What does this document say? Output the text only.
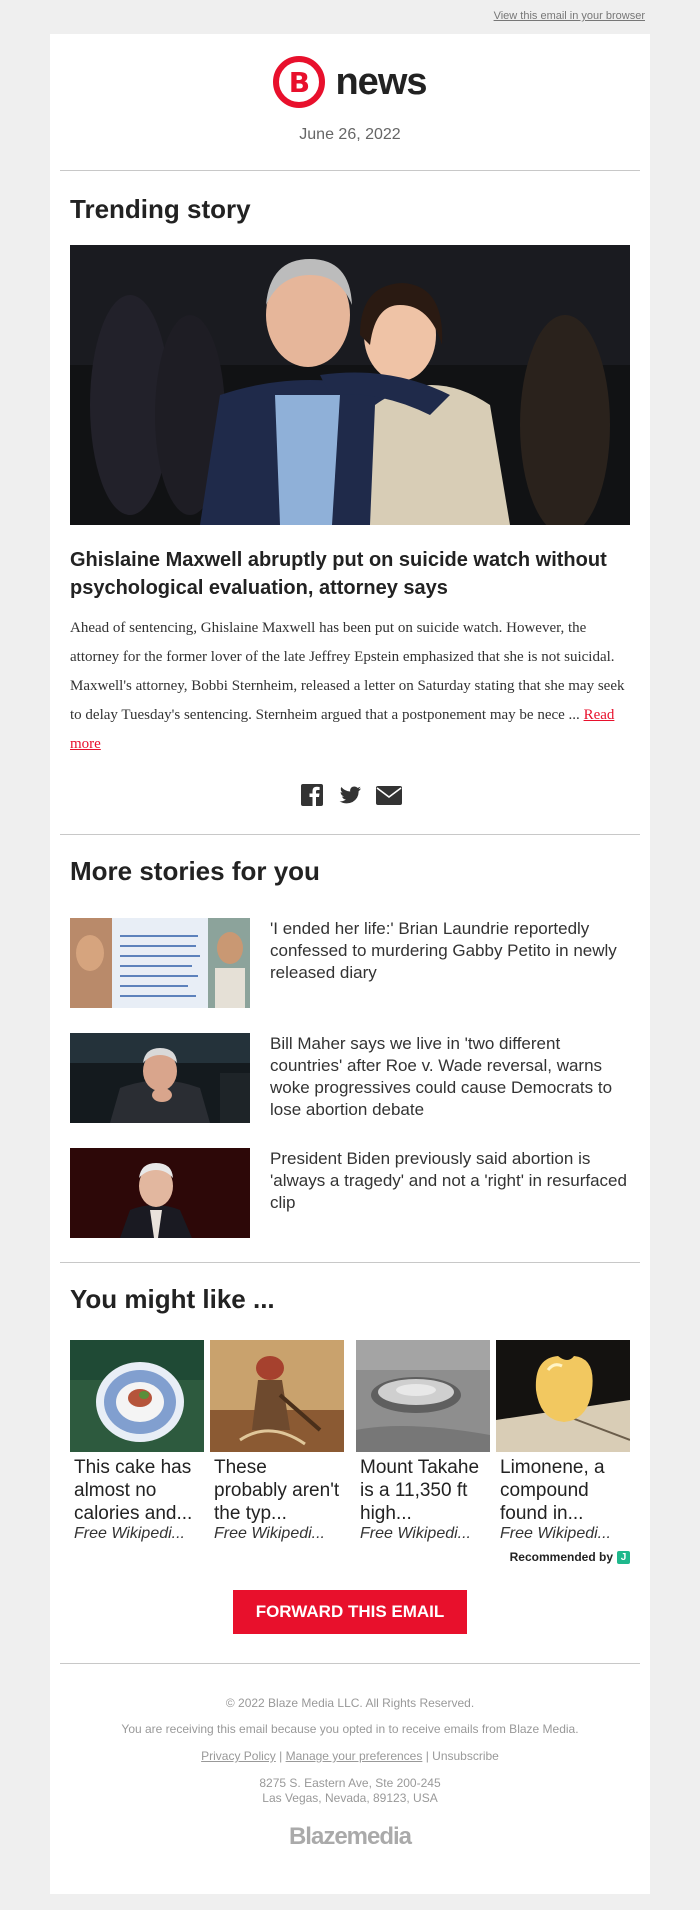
View this email in your browser
B news
June 26, 2022
Trending story
Ghislaine Maxwell abruptly put on suicide watch without psychological evaluation, attorney says
Ahead of sentencing, Ghislaine Maxwell has been put on suicide watch. However, the attorney for the former lover of the late Jeffrey Epstein emphasized that she is not suicidal. Maxwell's attorney, Bobbi Sternheim, released a letter on Saturday stating that she may seek to delay Tuesday's sentencing. Sternheim argued that a postponement may be nece ... Read more
More stories for you
'I ended her life:' Brian Laundrie reportedly confessed to murdering Gabby Petito in newly released diary
Bill Maher says we live in 'two different countries' after Roe v. Wade reversal, warns woke progressives could cause Democrats to lose abortion debate
President Biden previously said abortion is 'always a tragedy' and not a 'right' in resurfaced clip
You might like ...
This cake has almost no calories and...
Free Wikipedi...
These probably aren't the typ...
Free Wikipedi...
Mount Takahe is a 11,350 ft high...
Free Wikipedi...
Limonene, a compound found in...
Free Wikipedi...
Recommended by J
FORWARD THIS EMAIL
© 2022 Blaze Media LLC. All Rights Reserved.
You are receiving this email because you opted in to receive emails from Blaze Media.
Privacy Policy | Manage your preferences | Unsubscribe
8275 S. Eastern Ave, Ste 200-245
Las Vegas, Nevada, 89123, USA
Blazemedia
